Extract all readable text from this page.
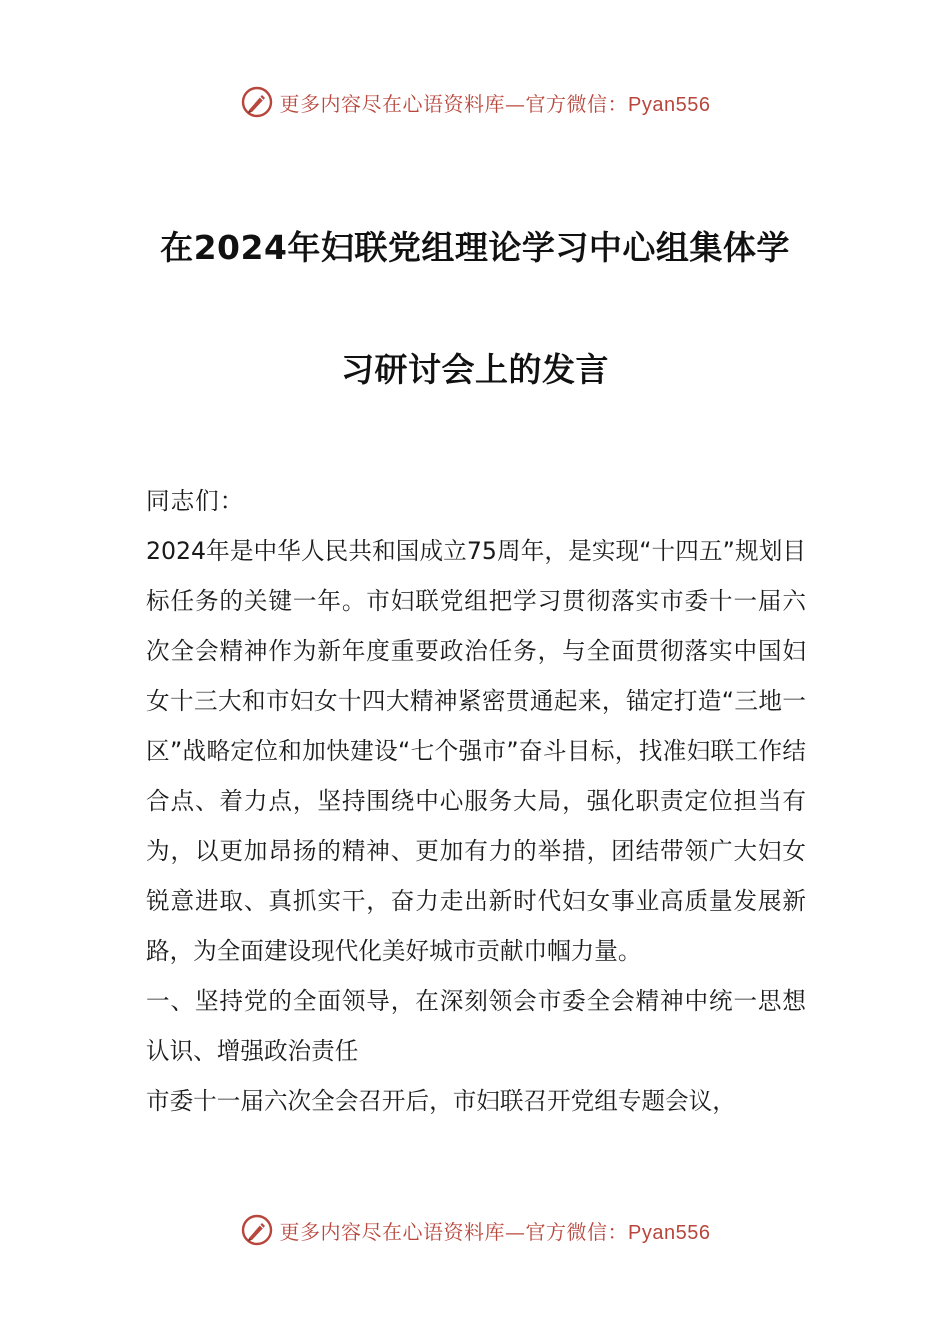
更多内容尽在心语资料库—官方微信：Pyan556
在2024年妇联党组理论学习中心组集体学
习研讨会上的发言

同志们：

2024年是中华人民共和国成立75周年，是实现“十四五”规划目标任务的关键一年。市妇联党组把学习贯彻落实市委十一届六次全会精神作为新年度重要政治任务，与全面贯彻落实中国妇女十三大和市妇女十四大精神紧密贯通起来，锚定打造“三地一区”战略定位和加快建设“七个强市”奋斗目标，找准妇联工作结合点、着力点，坚持围绕中心服务大局，强化职责定位担当有为，以更加昂扬的精神、更加有力的举措，团结带领广大妇女锐意进取、真抓实干，奋力走出新时代妇女事业高质量发展新路，为全面建设现代化美好城市贡献巾帼力量。

一、坚持党的全面领导，在深刻领会市委全会精神中统一思想认识、增强政治责任

市委十一届六次全会召开后，市妇联召开党组专题会议，

更多内容尽在心语资料库—官方微信：Pyan556
